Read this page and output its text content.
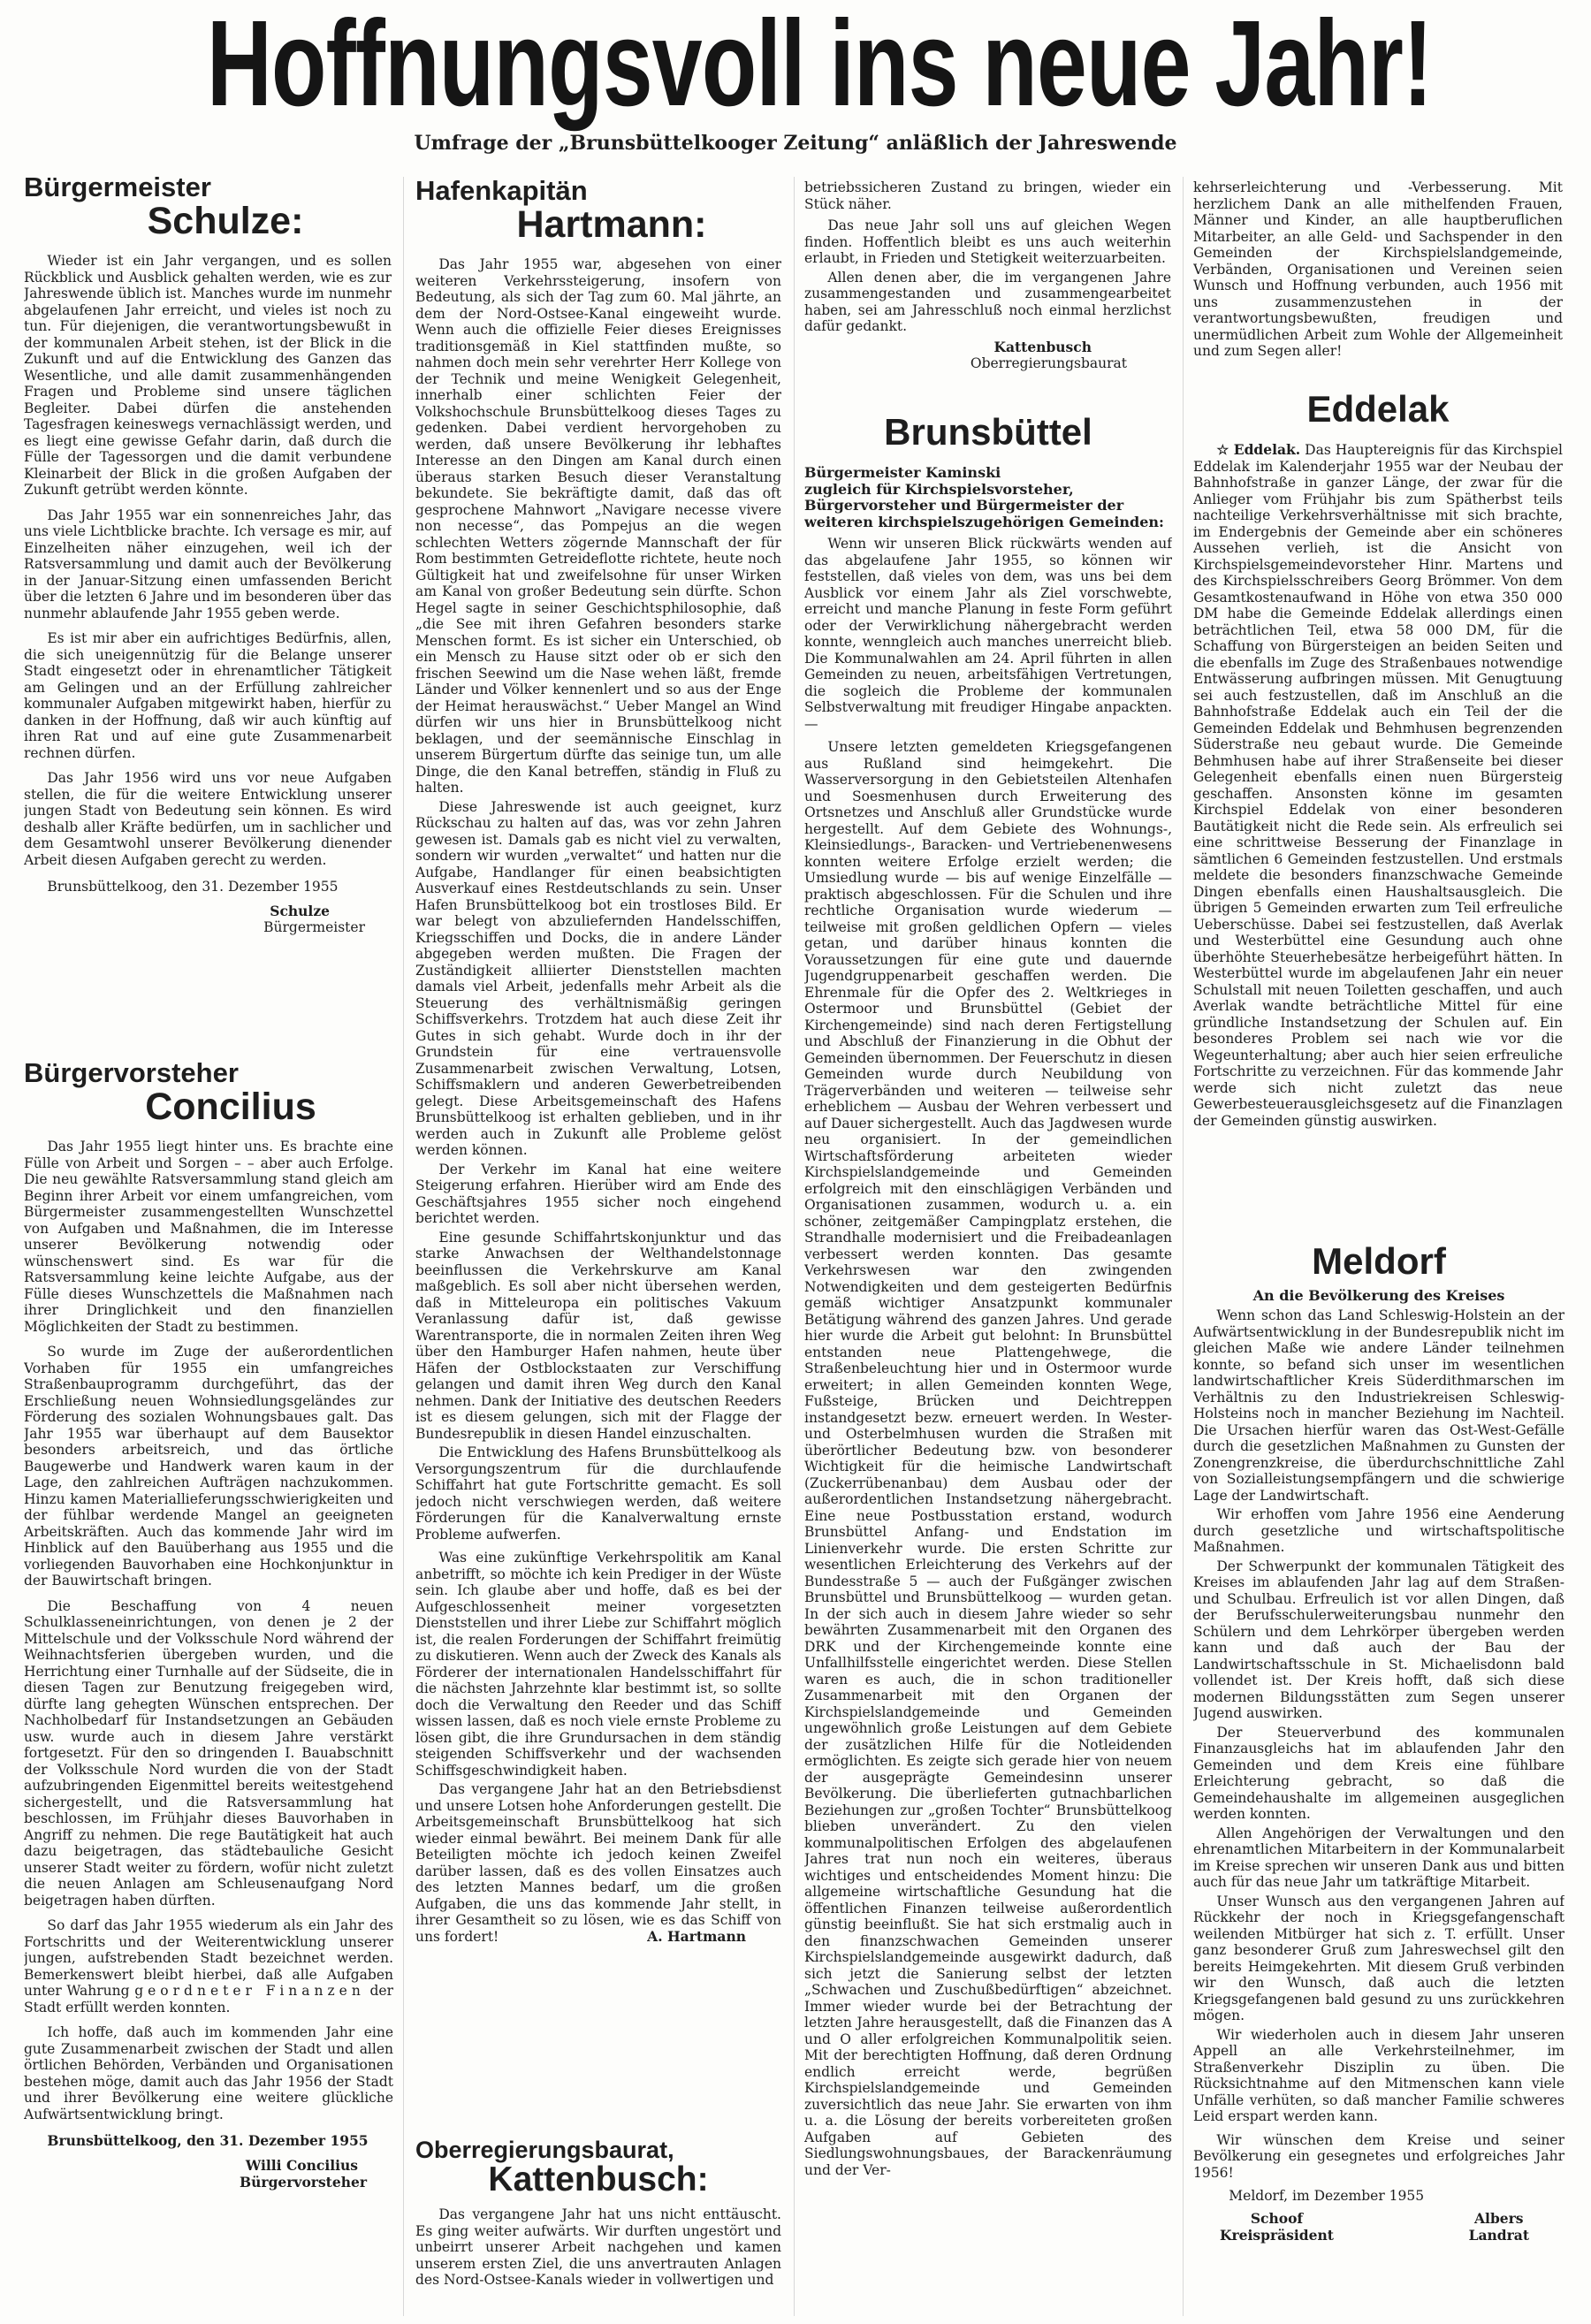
Hoffnungsvoll ins neue Jahr!
Umfrage der „Brunsbüttelkooger Zeitung“ anläßlich der Jahreswende
Bürgermeister
Schulze:

Wieder ist ein Jahr vergangen, und es sollen Rückblick und Ausblick gehalten werden, wie es zur Jahreswende üblich ist. Manches wurde im nunmehr abgelaufenen Jahr erreicht, und vieles ist noch zu tun. Für diejenigen, die verantwortungsbewußt in der kommunalen Arbeit stehen, ist der Blick in die Zukunft und auf die Entwicklung des Ganzen das Wesentliche, und alle damit zusammenhängenden Fragen und Probleme sind unsere täglichen Begleiter. Dabei dürfen die anstehenden Tagesfragen keineswegs vernachlässigt werden, und es liegt eine gewisse Gefahr darin, daß durch die Fülle der Tagessorgen und die damit verbundene Kleinarbeit der Blick in die großen Aufgaben der Zukunft getrübt werden könnte.

Das Jahr 1955 war ein sonnenreiches Jahr, das uns viele Lichtblicke brachte. Ich versage es mir, auf Einzelheiten näher einzugehen, weil ich der Ratsversammlung und damit auch der Bevölkerung in der Januar-Sitzung einen umfassenden Bericht über die letzten 6 Jahre und im besonderen über das nunmehr ablaufende Jahr 1955 geben werde.

Es ist mir aber ein aufrichtiges Bedürfnis, allen, die sich uneigennützig für die Belange unserer Stadt eingesetzt oder in ehrenamtlicher Tätigkeit am Gelingen und an der Erfüllung zahlreicher kommunaler Aufgaben mitgewirkt haben, hierfür zu danken in der Hoffnung, daß wir auch künftig auf ihren Rat und auf eine gute Zusammenarbeit rechnen dürfen.

Das Jahr 1956 wird uns vor neue Aufgaben stellen, die für die weitere Entwicklung unserer jungen Stadt von Bedeutung sein können. Es wird deshalb aller Kräfte bedürfen, um in sachlicher und dem Gesamtwohl unserer Bevölkerung dienender Arbeit diesen Aufgaben gerecht zu werden.

Brunsbüttelkoog, den 31. Dezember 1955
Schulze
Bürgermeister
Bürgervorsteher
Concilius

Das Jahr 1955 liegt hinter uns. Es brachte eine Fülle von Arbeit und Sorgen – – aber auch Erfolge. Die neu gewählte Ratsversammlung stand gleich am Beginn ihrer Arbeit vor einem umfangreichen, vom Bürgermeister zusammengestellten Wunschzettel von Aufgaben und Maßnahmen, die im Interesse unserer Bevölkerung notwendig oder wünschenswert sind. Es war für die Ratsversammlung keine leichte Aufgabe, aus der Fülle dieses Wunschzettels die Maßnahmen nach ihrer Dringlichkeit und den finanziellen Möglichkeiten der Stadt zu bestimmen.

So wurde im Zuge der außerordentlichen Vorhaben für 1955 ein umfangreiches Straßenbauprogramm durchgeführt, das der Erschließung neuen Wohnsiedlungsgeländes zur Förderung des sozialen Wohnungsbaues galt. Das Jahr 1955 war überhaupt auf dem Bausektor besonders arbeitsreich, und das örtliche Baugewerbe und Handwerk waren kaum in der Lage, den zahlreichen Aufträgen nachzukommen. Hinzu kamen Materiallieferungsschwierigkeiten und der fühlbar werdende Mangel an geeigneten Arbeitskräften. Auch das kommende Jahr wird im Hinblick auf den Bauüberhang aus 1955 und die vorliegenden Bauvorhaben eine Hochkonjunktur in der Bauwirtschaft bringen.

Die Beschaffung von 4 neuen Schulklasseneinrichtungen, von denen je 2 der Mittelschule und der Volksschule Nord während der Weihnachtsferien übergeben wurden, und die Herrichtung einer Turnhalle auf der Südseite, die in diesen Tagen zur Benutzung freigegeben wird, dürfte lang gehegten Wünschen entsprechen. Der Nachholbedarf für Instandsetzungen an Gebäuden usw. wurde auch in diesem Jahre verstärkt fortgesetzt. Für den so dringenden I. Bauabschnitt der Volksschule Nord wurden die von der Stadt aufzubringenden Eigenmittel bereits weitestgehend sichergestellt, und die Ratsversammlung hat beschlossen, im Frühjahr dieses Bauvorhaben in Angriff zu nehmen. Die rege Bautätigkeit hat auch dazu beigetragen, das städtebauliche Gesicht unserer Stadt weiter zu fördern, wofür nicht zuletzt die neuen Anlagen am Schleusenaufgang Nord beigetragen haben dürften.

So darf das Jahr 1955 wiederum als ein Jahr des Fortschritts und der Weiterentwicklung unserer jungen, aufstrebenden Stadt bezeichnet werden. Bemerkenswert bleibt hierbei, daß alle Aufgaben unter Wahrung geordneter Finanzen der Stadt erfüllt werden konnten.

Ich hoffe, daß auch im kommenden Jahr eine gute Zusammenarbeit zwischen der Stadt und allen örtlichen Behörden, Verbänden und Organisationen bestehen möge, damit auch das Jahr 1956 der Stadt und ihrer Bevölkerung eine weitere glückliche Aufwärtsentwicklung bringt.

Brunsbüttelkoog, den 31. Dezember 1955
Willi Concilius
Bürgervorsteher
Hafenkapitän
Hartmann:

Das Jahr 1955 war, abgesehen von einer weiteren Verkehrssteigerung, insofern von Bedeutung, als sich der Tag zum 60. Mal jährte, an dem der Nord-Ostsee-Kanal eingeweiht wurde. Wenn auch die offizielle Feier dieses Ereignisses traditionsgemäß in Kiel stattfinden mußte, so nahmen doch mein sehr verehrter Herr Kollege von der Technik und meine Wenigkeit Gelegenheit, innerhalb einer schlichten Feier der Volkshochschule Brunsbüttelkoog dieses Tages zu gedenken. Dabei verdient hervorgehoben zu werden, daß unsere Bevölkerung ihr lebhaftes Interesse an den Dingen am Kanal durch einen überaus starken Besuch dieser Veranstaltung bekundete. Sie bekräftigte damit, daß das oft gesprochene Mahnwort „Navigare necesse vivere non necesse“, das Pompejus an die wegen schlechten Wetters zögernde Mannschaft der für Rom bestimmten Getreideflotte richtete, heute noch Gültigkeit hat und zweifelsohne für unser Wirken am Kanal von großer Bedeutung sein dürfte. Schon Hegel sagte in seiner Geschichtsphilosophie, daß „die See mit ihren Gefahren besonders starke Menschen formt. Es ist sicher ein Unterschied, ob ein Mensch zu Hause sitzt oder ob er sich den frischen Seewind um die Nase wehen läßt, fremde Länder und Völker kennenlert und so aus der Enge der Heimat herauswächst.“ Ueber Mangel an Wind dürfen wir uns hier in Brunsbüttelkoog nicht beklagen, und der seemännische Einschlag in unserem Bürgertum dürfte das seinige tun, um alle Dinge, die den Kanal betreffen, ständig in Fluß zu halten.

Diese Jahreswende ist auch geeignet, kurz Rückschau zu halten auf das, was vor zehn Jahren gewesen ist. Damals gab es nicht viel zu verwalten, sondern wir wurden „verwaltet“ und hatten nur die Aufgabe, Handlanger für einen beabsichtigten Ausverkauf eines Restdeutschlands zu sein. Unser Hafen Brunsbüttelkoog bot ein trostloses Bild. Er war belegt von abzuliefernden Handelsschiffen, Kriegsschiffen und Docks, die in andere Länder abgegeben werden mußten. Die Fragen der Zuständigkeit alliierter Dienststellen machten damals viel Arbeit, jedenfalls mehr Arbeit als die Steuerung des verhältnismäßig geringen Schiffsverkehrs. Trotzdem hat auch diese Zeit ihr Gutes in sich gehabt. Wurde doch in ihr der Grundstein für eine vertrauensvolle Zusammenarbeit zwischen Verwaltung, Lotsen, Schiffsmaklern und anderen Gewerbetreibenden gelegt. Diese Arbeitsgemeinschaft des Hafens Brunsbüttelkoog ist erhalten geblieben, und in ihr werden auch in Zukunft alle Probleme gelöst werden können.

Der Verkehr im Kanal hat eine weitere Steigerung erfahren. Hierüber wird am Ende des Geschäftsjahres 1955 sicher noch eingehend berichtet werden.

Eine gesunde Schiffahrtskonjunktur und das starke Anwachsen der Welthandelstonnage beeinflussen die Verkehrskurve am Kanal maßgeblich. Es soll aber nicht übersehen werden, daß in Mitteleuropa ein politisches Vakuum Veranlassung dafür ist, daß gewisse Warentransporte, die in normalen Zeiten ihren Weg über den Hamburger Hafen nahmen, heute über Häfen der Ostblockstaaten zur Verschiffung gelangen und damit ihren Weg durch den Kanal nehmen. Dank der Initiative des deutschen Reeders ist es diesem gelungen, sich mit der Flagge der Bundesrepublik in diesen Handel einzuschalten.

Die Entwicklung des Hafens Brunsbüttelkoog als Versorgungszentrum für die durchlaufende Schiffahrt hat gute Fortschritte gemacht. Es soll jedoch nicht verschwiegen werden, daß weitere Förderungen für die Kanalverwaltung ernste Probleme aufwerfen.

Was eine zukünftige Verkehrspolitik am Kanal anbetrifft, so möchte ich kein Prediger in der Wüste sein. Ich glaube aber und hoffe, daß es bei der Aufgeschlossenheit meiner vorgesetzten Dienststellen und ihrer Liebe zur Schiffahrt möglich ist, die realen Forderungen der Schiffahrt freimütig zu diskutieren. Wenn auch der Zweck des Kanals als Förderer der internationalen Handelsschiffahrt für die nächsten Jahrzehnte klar bestimmt ist, so sollte doch die Verwaltung den Reeder und das Schiff wissen lassen, daß es noch viele ernste Probleme zu lösen gibt, die ihre Grundursachen in dem ständig steigenden Schiffsverkehr und der wachsenden Schiffsgeschwindigkeit haben.

Das vergangene Jahr hat an den Betriebsdienst und unsere Lotsen hohe Anforderungen gestellt. Die Arbeitsgemeinschaft Brunsbüttelkoog hat sich wieder einmal bewährt. Bei meinem Dank für alle Beteiligten möchte ich jedoch keinen Zweifel darüber lassen, daß es des vollen Einsatzes auch des letzten Mannes bedarf, um die großen Aufgaben, die uns das kommende Jahr stellt, in ihrer Gesamtheit so zu lösen, wie es das Schiff von uns fordert!	A. Hartmann

Oberregierungsbaurat,
Kattenbusch:

Das vergangene Jahr hat uns nicht enttäuscht. Es ging weiter aufwärts. Wir durften ungestört und unbeirrt unserer Arbeit nachgehen und kamen unserem ersten Ziel, die uns anvertrauten Anlagen des Nord-Ostsee-Kanals wieder in vollwertigen und

betriebssicheren Zustand zu bringen, wieder ein Stück näher.

Das neue Jahr soll uns auf gleichen Wegen finden. Hoffentlich bleibt es uns auch weiterhin erlaubt, in Frieden und Stetigkeit weiterzuarbeiten.

Allen denen aber, die im vergangenen Jahre zusammengestanden und zusammengearbeitet haben, sei am Jahresschluß noch einmal herzlichst dafür gedankt.

Kattenbusch
Oberregierungsbaurat
Brunsbüttel
Bürgermeister Kaminski
zugleich für Kirchspielsvorsteher, Bürgervorsteher und Bürgermeister der weiteren kirchspielszugehörigen Gemeinden:

Wenn wir unseren Blick rückwärts wenden auf das abgelaufene Jahr 1955, so können wir feststellen, daß vieles von dem, was uns bei dem Ausblick vor einem Jahr als Ziel vorschwebte, erreicht und manche Planung in feste Form geführt oder der Verwirklichung nähergebracht werden konnte, wenngleich auch manches unerreicht blieb. Die Kommunalwahlen am 24. April führten in allen Gemeinden zu neuen, arbeitsfähigen Vertretungen, die sogleich die Probleme der kommunalen Selbstverwaltung mit freudiger Hingabe anpackten. —

Unsere letzten gemeldeten Kriegsgefangenen aus Rußland sind heimgekehrt. Die Wasserversorgung in den Gebietsteilen Altenhafen und Soesmenhusen durch Erweiterung des Ortsnetzes und Anschluß aller Grundstücke wurde hergestellt. Auf dem Gebiete des Wohnungs-, Kleinsiedlungs-, Baracken- und Vertriebenenwesens konnten weitere Erfolge erzielt werden; die Umsiedlung wurde — bis auf wenige Einzelfälle — praktisch abgeschlossen. Für die Schulen und ihre rechtliche Organisation wurde wiederum — teilweise mit großen geldlichen Opfern — vieles getan, und darüber hinaus konnten die Voraussetzungen für eine gute und dauernde Jugendgruppenarbeit geschaffen werden. Die Ehrenmale für die Opfer des 2. Weltkrieges in Ostermoor und Brunsbüttel (Gebiet der Kirchengemeinde) sind nach deren Fertigstellung und Abschluß der Finanzierung in die Obhut der Gemeinden übernommen. Der Feuerschutz in diesen Gemeinden wurde durch Neubildung von Trägerverbänden und weiteren — teilweise sehr erheblichem — Ausbau der Wehren verbessert und auf Dauer sichergestellt. Auch das Jagdwesen wurde neu organisiert. In der gemeindlichen Wirtschaftsförderung arbeiteten wieder Kirchspielslandgemeinde und Gemeinden erfolgreich mit den einschlägigen Verbänden und Organisationen zusammen, wodurch u. a. ein schöner, zeitgemäßer Campingplatz erstehen, die Strandhalle modernisiert und die Freibadeanlagen verbessert werden konnten. Das gesamte Verkehrswesen war den zwingenden Notwendigkeiten und dem gesteigerten Bedürfnis gemäß wichtiger Ansatzpunkt kommunaler Betätigung während des ganzen Jahres. Und gerade hier wurde die Arbeit gut belohnt: In Brunsbüttel entstanden neue Plattengehwege, die Straßenbeleuchtung hier und in Ostermoor wurde erweitert; in allen Gemeinden konnten Wege, Fußsteige, Brücken und Deichtreppen instandgesetzt bezw. erneuert werden. In Wester- und Osterbelmhusen wurden die Straßen mit überörtlicher Bedeutung bzw. von besonderer Wichtigkeit für die heimische Landwirtschaft (Zuckerrübenanbau) dem Ausbau oder der außerordentlichen Instandsetzung nähergebracht. Eine neue Postbusstation erstand, wodurch Brunsbüttel Anfang- und Endstation im Linienverkehr wurde. Die ersten Schritte zur wesentlichen Erleichterung des Verkehrs auf der Bundesstraße 5 — auch der Fußgänger zwischen Brunsbüttel und Brunsbüttelkoog — wurden getan. In der sich auch in diesem Jahre wieder so sehr bewährten Zusammenarbeit mit den Organen des DRK und der Kirchengemeinde konnte eine Unfallhilfsstelle eingerichtet werden. Diese Stellen waren es auch, die in schon traditioneller Zusammenarbeit mit den Organen der Kirchspielslandgemeinde und Gemeinden ungewöhnlich große Leistungen auf dem Gebiete der zusätzlichen Hilfe für die Notleidenden ermöglichten. Es zeigte sich gerade hier von neuem der ausgeprägte Gemeindesinn unserer Bevölkerung. Die überlieferten gutnachbarlichen Beziehungen zur „großen Tochter“ Brunsbüttelkoog blieben unverändert. Zu den vielen kommunalpolitischen Erfolgen des abgelaufenen Jahres trat nun noch ein weiteres, überaus wichtiges und entscheidendes Moment hinzu: Die allgemeine wirtschaftliche Gesundung hat die öffentlichen Finanzen teilweise außerordentlich günstig beeinflußt. Sie hat sich erstmalig auch in den finanzschwachen Gemeinden unserer Kirchspielslandgemeinde ausgewirkt dadurch, daß sich jetzt die Sanierung selbst der letzten „Schwachen und Zuschußbedürftigen“ abzeichnet. Immer wieder wurde bei der Betrachtung der letzten Jahre herausgestellt, daß die Finanzen das A und O aller erfolgreichen Kommunalpolitik seien. Mit der berechtigten Hoffnung, daß deren Ordnung endlich erreicht werde, begrüßen Kirchspielslandgemeinde und Gemeinden zuversichtlich das neue Jahr. Sie erwarten von ihm u. a. die Lösung der bereits vorbereiteten großen Aufgaben auf Gebieten des Siedlungswohnungsbaues, der Barackenräumung und der Ver-

kehrserleichterung und -Verbesserung. Mit herzlichem Dank an alle mithelfenden Frauen, Männer und Kinder, an alle hauptberuflichen Mitarbeiter, an alle Geld- und Sachspender in den Gemeinden der Kirchspielslandgemeinde, Verbänden, Organisationen und Vereinen seien Wunsch und Hoffnung verbunden, auch 1956 mit uns zusammenzustehen in der verantwortungsbewußten, freudigen und unermüdlichen Arbeit zum Wohle der Allgemeinheit und zum Segen aller!

Eddelak

☆ Eddelak. Das Hauptereignis für das Kirchspiel Eddelak im Kalenderjahr 1955 war der Neubau der Bahnhofstraße in ganzer Länge, der zwar für die Anlieger vom Frühjahr bis zum Spätherbst teils nachteilige Verkehrsverhältnisse mit sich brachte, im Endergebnis der Gemeinde aber ein schöneres Aussehen verlieh, ist die Ansicht von Kirchspielsgemeindevorsteher Hinr. Martens und des Kirchspielsschreibers Georg Brömmer. Von dem Gesamtkostenaufwand in Höhe von etwa 350 000 DM habe die Gemeinde Eddelak allerdings einen beträchtlichen Teil, etwa 58 000 DM, für die Schaffung von Bürgersteigen an beiden Seiten und die ebenfalls im Zuge des Straßenbaues notwendige Entwässerung aufbringen müssen. Mit Genugtuung sei auch festzustellen, daß im Anschluß an die Bahnhofstraße Eddelak auch ein Teil der die Gemeinden Eddelak und Behmhusen begrenzenden Süderstraße neu gebaut wurde. Die Gemeinde Behmhusen habe auf ihrer Straßenseite bei dieser Gelegenheit ebenfalls einen nuen Bürgersteig geschaffen. Ansonsten könne im gesamten Kirchspiel Eddelak von einer besonderen Bautätigkeit nicht die Rede sein. Als erfreulich sei eine schrittweise Besserung der Finanzlage in sämtlichen 6 Gemeinden festzustellen. Und erstmals meldete die besonders finanzschwache Gemeinde Dingen ebenfalls einen Haushaltsausgleich. Die übrigen 5 Gemeinden erwarten zum Teil erfreuliche Ueberschüsse. Dabei sei festzustellen, daß Averlak und Westerbüttel eine Gesundung auch ohne überhöhte Steuerhebesätze herbeigeführt hätten. In Westerbüttel wurde im abgelaufenen Jahr ein neuer Schulstall mit neuen Toiletten geschaffen, und auch Averlak wandte beträchtliche Mittel für eine gründliche Instandsetzung der Schulen auf. Ein besonderes Problem sei nach wie vor die Wegeunterhaltung; aber auch hier seien erfreuliche Fortschritte zu verzeichnen. Für das kommende Jahr werde sich nicht zuletzt das neue Gewerbesteuerausgleichsgesetz auf die Finanzlagen der Gemeinden günstig auswirken.

Meldorf
An die Bevölkerung des Kreises

Wenn schon das Land Schleswig-Holstein an der Aufwärtsentwicklung in der Bundesrepublik nicht im gleichen Maße wie andere Länder teilnehmen konnte, so befand sich unser im wesentlichen landwirtschaftlicher Kreis Süderdithmarschen im Verhältnis zu den Industriekreisen Schleswig-Holsteins noch in mancher Beziehung im Nachteil. Die Ursachen hierfür waren das Ost-West-Gefälle durch die gesetzlichen Maßnahmen zu Gunsten der Zonengrenzkreise, die überdurchschnittliche Zahl von Sozialleistungsempfängern und die schwierige Lage der Landwirtschaft.

Wir erhoffen vom Jahre 1956 eine Aenderung durch gesetzliche und wirtschaftspolitische Maßnahmen.

Der Schwerpunkt der kommunalen Tätigkeit des Kreises im ablaufenden Jahr lag auf dem Straßen- und Schulbau. Erfreulich ist vor allen Dingen, daß der Berufsschulerweiterungsbau nunmehr den Schülern und dem Lehrkörper übergeben werden kann und daß auch der Bau der Landwirtschaftsschule in St. Michaelisdonn bald vollendet ist. Der Kreis hofft, daß sich diese modernen Bildungsstätten zum Segen unserer Jugend auswirken.

Der Steuerverbund des kommunalen Finanzausgleichs hat im ablaufenden Jahr den Gemeinden und dem Kreis eine fühlbare Erleichterung gebracht, so daß die Gemeindehaushalte im allgemeinen ausgeglichen werden konnten.

Allen Angehörigen der Verwaltungen und den ehrenamtlichen Mitarbeitern in der Kommunalarbeit im Kreise sprechen wir unseren Dank aus und bitten auch für das neue Jahr um tatkräftige Mitarbeit.

Unser Wunsch aus den vergangenen Jahren auf Rückkehr der noch in Kriegsgefangenschaft weilenden Mitbürger hat sich z. T. erfüllt. Unser ganz besonderer Gruß zum Jahreswechsel gilt den bereits Heimgekehrten. Mit diesem Gruß verbinden wir den Wunsch, daß auch die letzten Kriegsgefangenen bald gesund zu uns zurückkehren mögen.

Wir wiederholen auch in diesem Jahr unseren Appell an alle Verkehrsteilnehmer, im Straßenverkehr Disziplin zu üben. Die Rücksichtnahme auf den Mitmenschen kann viele Unfälle verhüten, so daß mancher Familie schweres Leid erspart werden kann.

Wir wünschen dem Kreise und seiner Bevölkerung ein gesegnetes und erfolgreiches Jahr 1956!

Meldorf, im Dezember 1955
Schoof
Kreispräsident
Albers
Landrat
